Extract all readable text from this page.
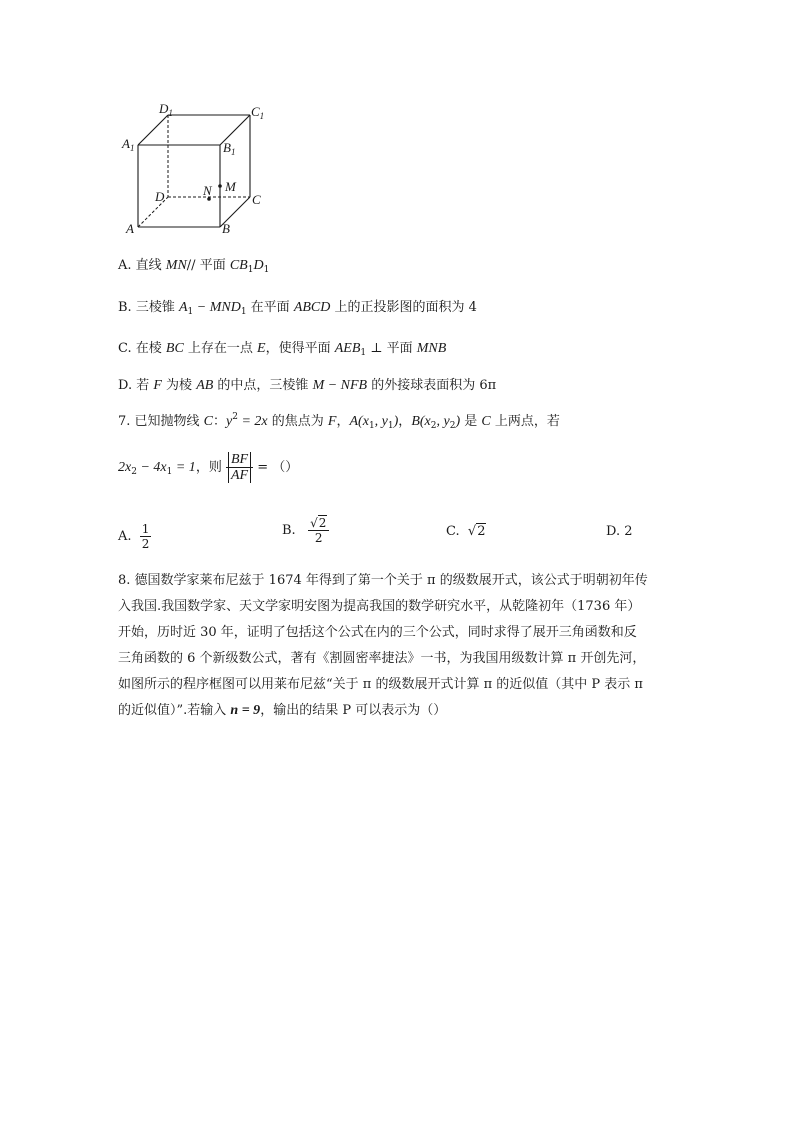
$D_1$	$C_1$
$A_1$	$B_1$
N M
D	C
A	B
A. 直线 MN// 平面 $CB_1D_1$
B. 三棱锥 $A_1 - MND_1$ 在平面 ABCD 上的正投影图的面积为 4
C. 在棱 BC 上存在一点 E，使得平面 $AEB_1$ ⊥ 平面 MNB
D. 若 F 为棱 AB 的中点，三棱锥 M − NFB 的外接球表面积为 6π
7. 已知抛物线 C：$y^2 = 2x$ 的焦点为 F，$A(x_1$, $y_1$)，$B(x_2$, $y_2$) 是 C 上两点，若
$2x_2 - 4x_1 = 1$，则 $\frac{BF}{AF}$ = （）
A. $\frac{1}{2}$	B. $\frac{√2}{2}$	C. √2	D. 2
8. 德国数学家莱布尼兹于 1674 年得到了第一个关于 π 的级数展开式，该公式于明朝初年传
入我国.我国数学家、天文学家明安图为提高我国的数学研究水平，从乾隆初年（1736 年）
开始，历时近 30 年，证明了包括这个公式在内的三个公式，同时求得了展开三角函数和反
三角函数的 6 个新级数公式，著有《割圆密率捷法》一书，为我国用级数计算 π 开创先河，
如图所示的程序框图可以用莱布尼兹“关于 π 的级数展开式计算 π 的近似值（其中 P 表示 π
的近似值）”.若输入 n = 9，输出的结果 P 可以表示为（）
